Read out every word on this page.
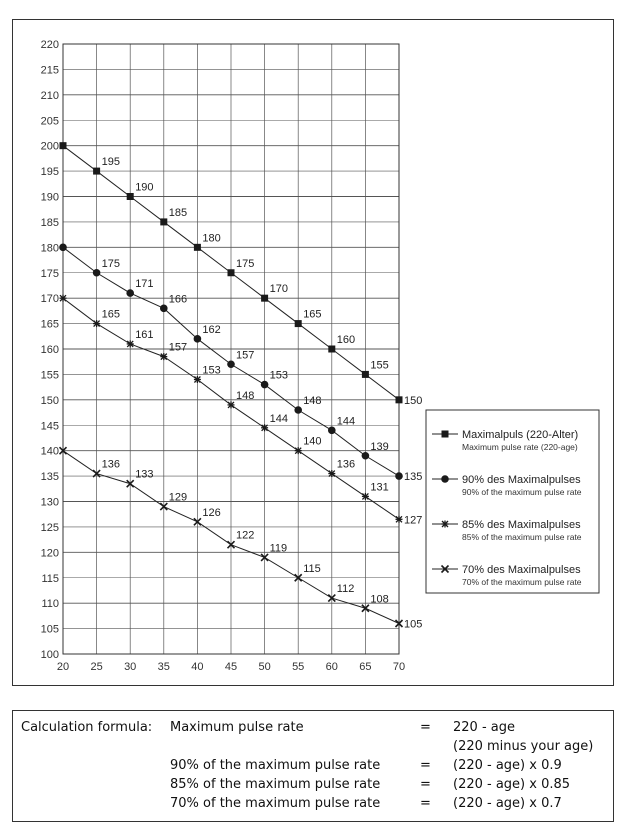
100
105
110
115
120
125
130
135
140
145
150
155
160
165
170
175
180
185
190
195
200
205
210
215
220
20 25 30 35 40 45 50 55 60 65 70
195
190
185
180
175
170
165
160
155
150
175
171
166
162
157
153
148
144
139
135
165
161
157
153
148
144
140
136
131
127
136
133
129
126
122
119
115
112
108
105
Maximalpuls (220-Alter)
Maximum pulse rate (220-age)
90% des Maximalpulses
90% of the maximum pulse rate
85% des Maximalpulses
85% of the maximum pulse rate
70% des Maximalpulses
70% of the maximum pulse rate
Calculation formula: Maximum pulse rate	= 220 - age
(220 minus your age)
90% of the maximum pulse rate	= (220 - age) x 0.9
85% of the maximum pulse rate	= (220 - age) x 0.85
70% of the maximum pulse rate	= (220 - age) x 0.7
